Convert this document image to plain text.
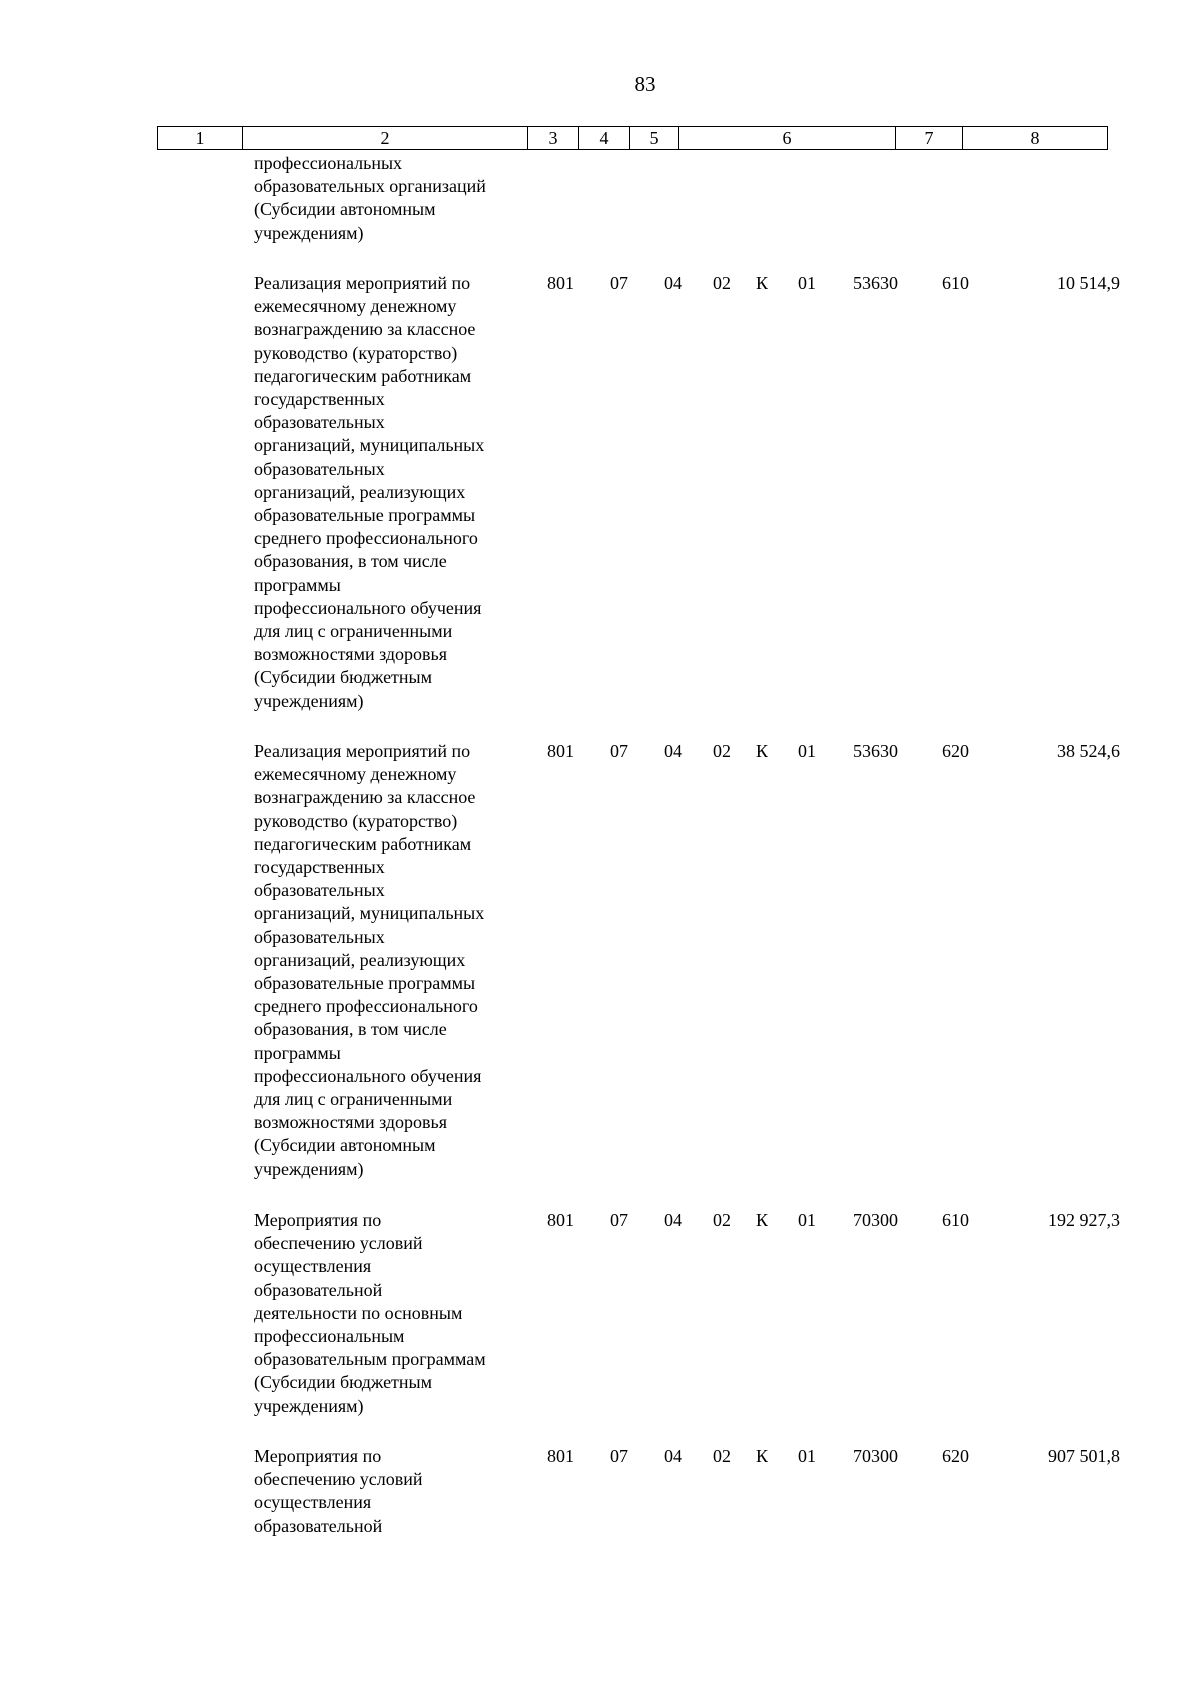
83
1	2	3	4	5	6	7	8
профессиональных
образовательных организаций
(Субсидии автономным
учреждениям)
Реализация мероприятий по
ежемесячному денежному
вознаграждению за классное
руководство (кураторство)
педагогическим работникам
государственных
образовательных
организаций, муниципальных
образовательных
организаций, реализующих
образовательные программы
среднего профессионального
образования, в том числе
программы
профессионального обучения
для лиц с ограниченными
возможностями здоровья
(Субсидии бюджетным
учреждениям)
801 07 04 02 К 01 53630 610	10 514,9
Реализация мероприятий по
ежемесячному денежному
вознаграждению за классное
руководство (кураторство)
педагогическим работникам
государственных
образовательных
организаций, муниципальных
образовательных
организаций, реализующих
образовательные программы
среднего профессионального
образования, в том числе
программы
профессионального обучения
для лиц с ограниченными
возможностями здоровья
(Субсидии автономным
учреждениям)
801 07 04 02 К 01 53630 620	38 524,6
Мероприятия по
обеспечению условий
осуществления
образовательной
деятельности по основным
профессиональным
образовательным программам
(Субсидии бюджетным
учреждениям)
801 07 04 02 К 01 70300 610	192 927,3
Мероприятия по
обеспечению условий
осуществления
образовательной
801 07 04 02 К 01 70300 620	907 501,8
